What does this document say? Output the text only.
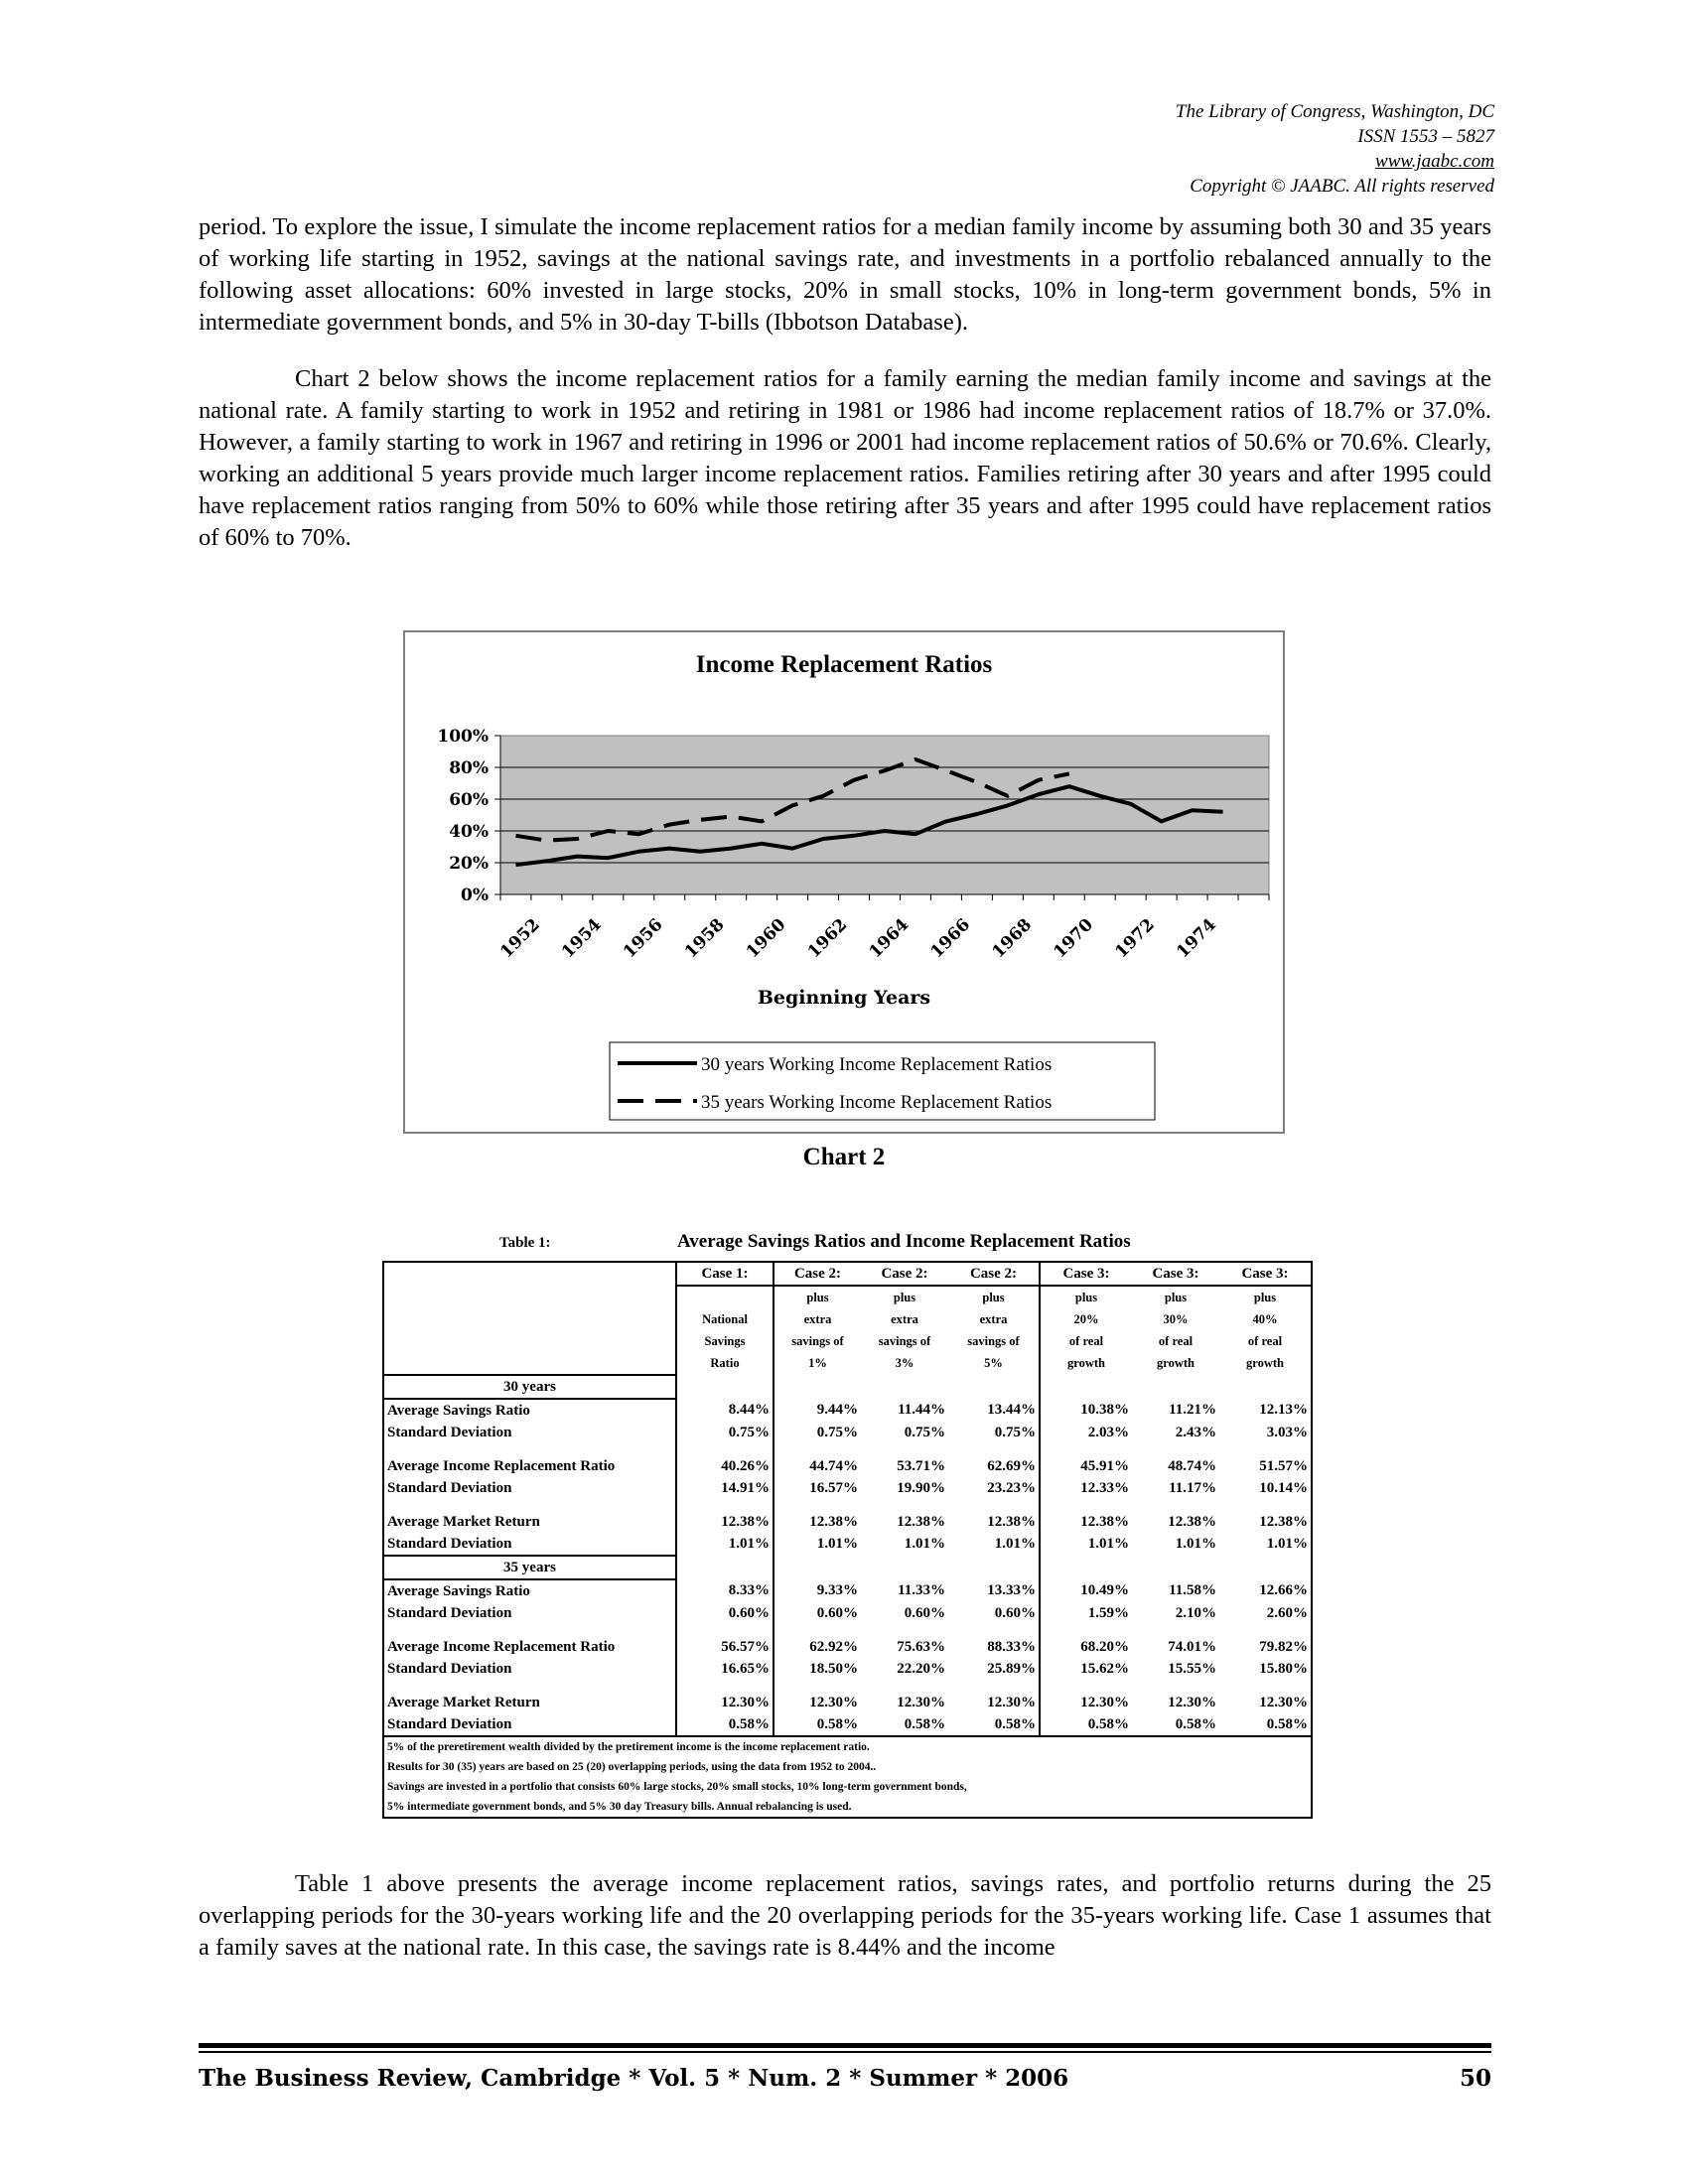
The Library of Congress, Washington, DC
ISSN 1553 – 5827
www.jaabc.com
Copyright © JAABC. All rights reserved
period. To explore the issue, I simulate the income replacement ratios for a median family income by assuming both 30 and 35 years of working life starting in 1952, savings at the national savings rate, and investments in a portfolio rebalanced annually to the following asset allocations: 60% invested in large stocks, 20% in small stocks, 10% in long-term government bonds, 5% in intermediate government bonds, and 5% in 30-day T-bills (Ibbotson Database).
Chart 2 below shows the income replacement ratios for a family earning the median family income and savings at the national rate. A family starting to work in 1952 and retiring in 1981 or 1986 had income replacement ratios of 18.7% or 37.0%. However, a family starting to work in 1967 and retiring in 1996 or 2001 had income replacement ratios of 50.6% or 70.6%. Clearly, working an additional 5 years provide much larger income replacement ratios. Families retiring after 30 years and after 1995 could have replacement ratios ranging from 50% to 60% while those retiring after 35 years and after 1995 could have replacement ratios of 60% to 70%.
Income Replacement Ratios
0%
20%
40%
60%
80%
100%
1952 1954 1956 1958 1960 1962 1964 1966 1968 1970 1972 1974
Beginning Years
30 years Working Income Replacement Ratios
35 years Working Income Replacement Ratios
Chart 2
Table 1:	Average Savings Ratios and Income Replacement Ratios
	Case 1:	Case 2:	Case 2:	Case 2:	Case 3:	Case 3:	Case 3:
		plus	plus	plus	plus	plus	plus
	National	extra	extra	extra	20%	30%	40%
	Savings	savings of	savings of	savings of	of real	of real	of real
	Ratio	1%	3%	5%	growth	growth	growth
30 years							
Average Savings Ratio	8.44%	9.44%	11.44%	13.44%	10.38%	11.21%	12.13%
Standard Deviation	0.75%	0.75%	0.75%	0.75%	2.03%	2.43%	3.03%

Average Income Replacement Ratio	40.26%	44.74%	53.71%	62.69%	45.91%	48.74%	51.57%
Standard Deviation	14.91%	16.57%	19.90%	23.23%	12.33%	11.17%	10.14%

Average Market Return	12.38%	12.38%	12.38%	12.38%	12.38%	12.38%	12.38%
Standard Deviation	1.01%	1.01%	1.01%	1.01%	1.01%	1.01%	1.01%
35 years							
Average Savings Ratio	8.33%	9.33%	11.33%	13.33%	10.49%	11.58%	12.66%
Standard Deviation	0.60%	0.60%	0.60%	0.60%	1.59%	2.10%	2.60%

Average Income Replacement Ratio	56.57%	62.92%	75.63%	88.33%	68.20%	74.01%	79.82%
Standard Deviation	16.65%	18.50%	22.20%	25.89%	15.62%	15.55%	15.80%

Average Market Return	12.30%	12.30%	12.30%	12.30%	12.30%	12.30%	12.30%
Standard Deviation	0.58%	0.58%	0.58%	0.58%	0.58%	0.58%	0.58%
5% of the preretirement wealth divided by the pretirement income is the income replacement ratio.							
Results for 30 (35) years are based on 25 (20) overlapping periods, using the data from 1952 to 2004..							
Savings are invested in a portfolio that consists 60% large stocks, 20% small stocks, 10% long-term government bonds,							
5% intermediate government bonds, and 5% 30 day Treasury bills. Annual rebalancing is used.							
Table 1 above presents the average income replacement ratios, savings rates, and portfolio returns during the 25 overlapping periods for the 30-years working life and the 20 overlapping periods for the 35-years working life. Case 1 assumes that a family saves at the national rate. In this case, the savings rate is 8.44% and the income
The Business Review, Cambridge * Vol. 5 * Num. 2 * Summer * 2006	50
